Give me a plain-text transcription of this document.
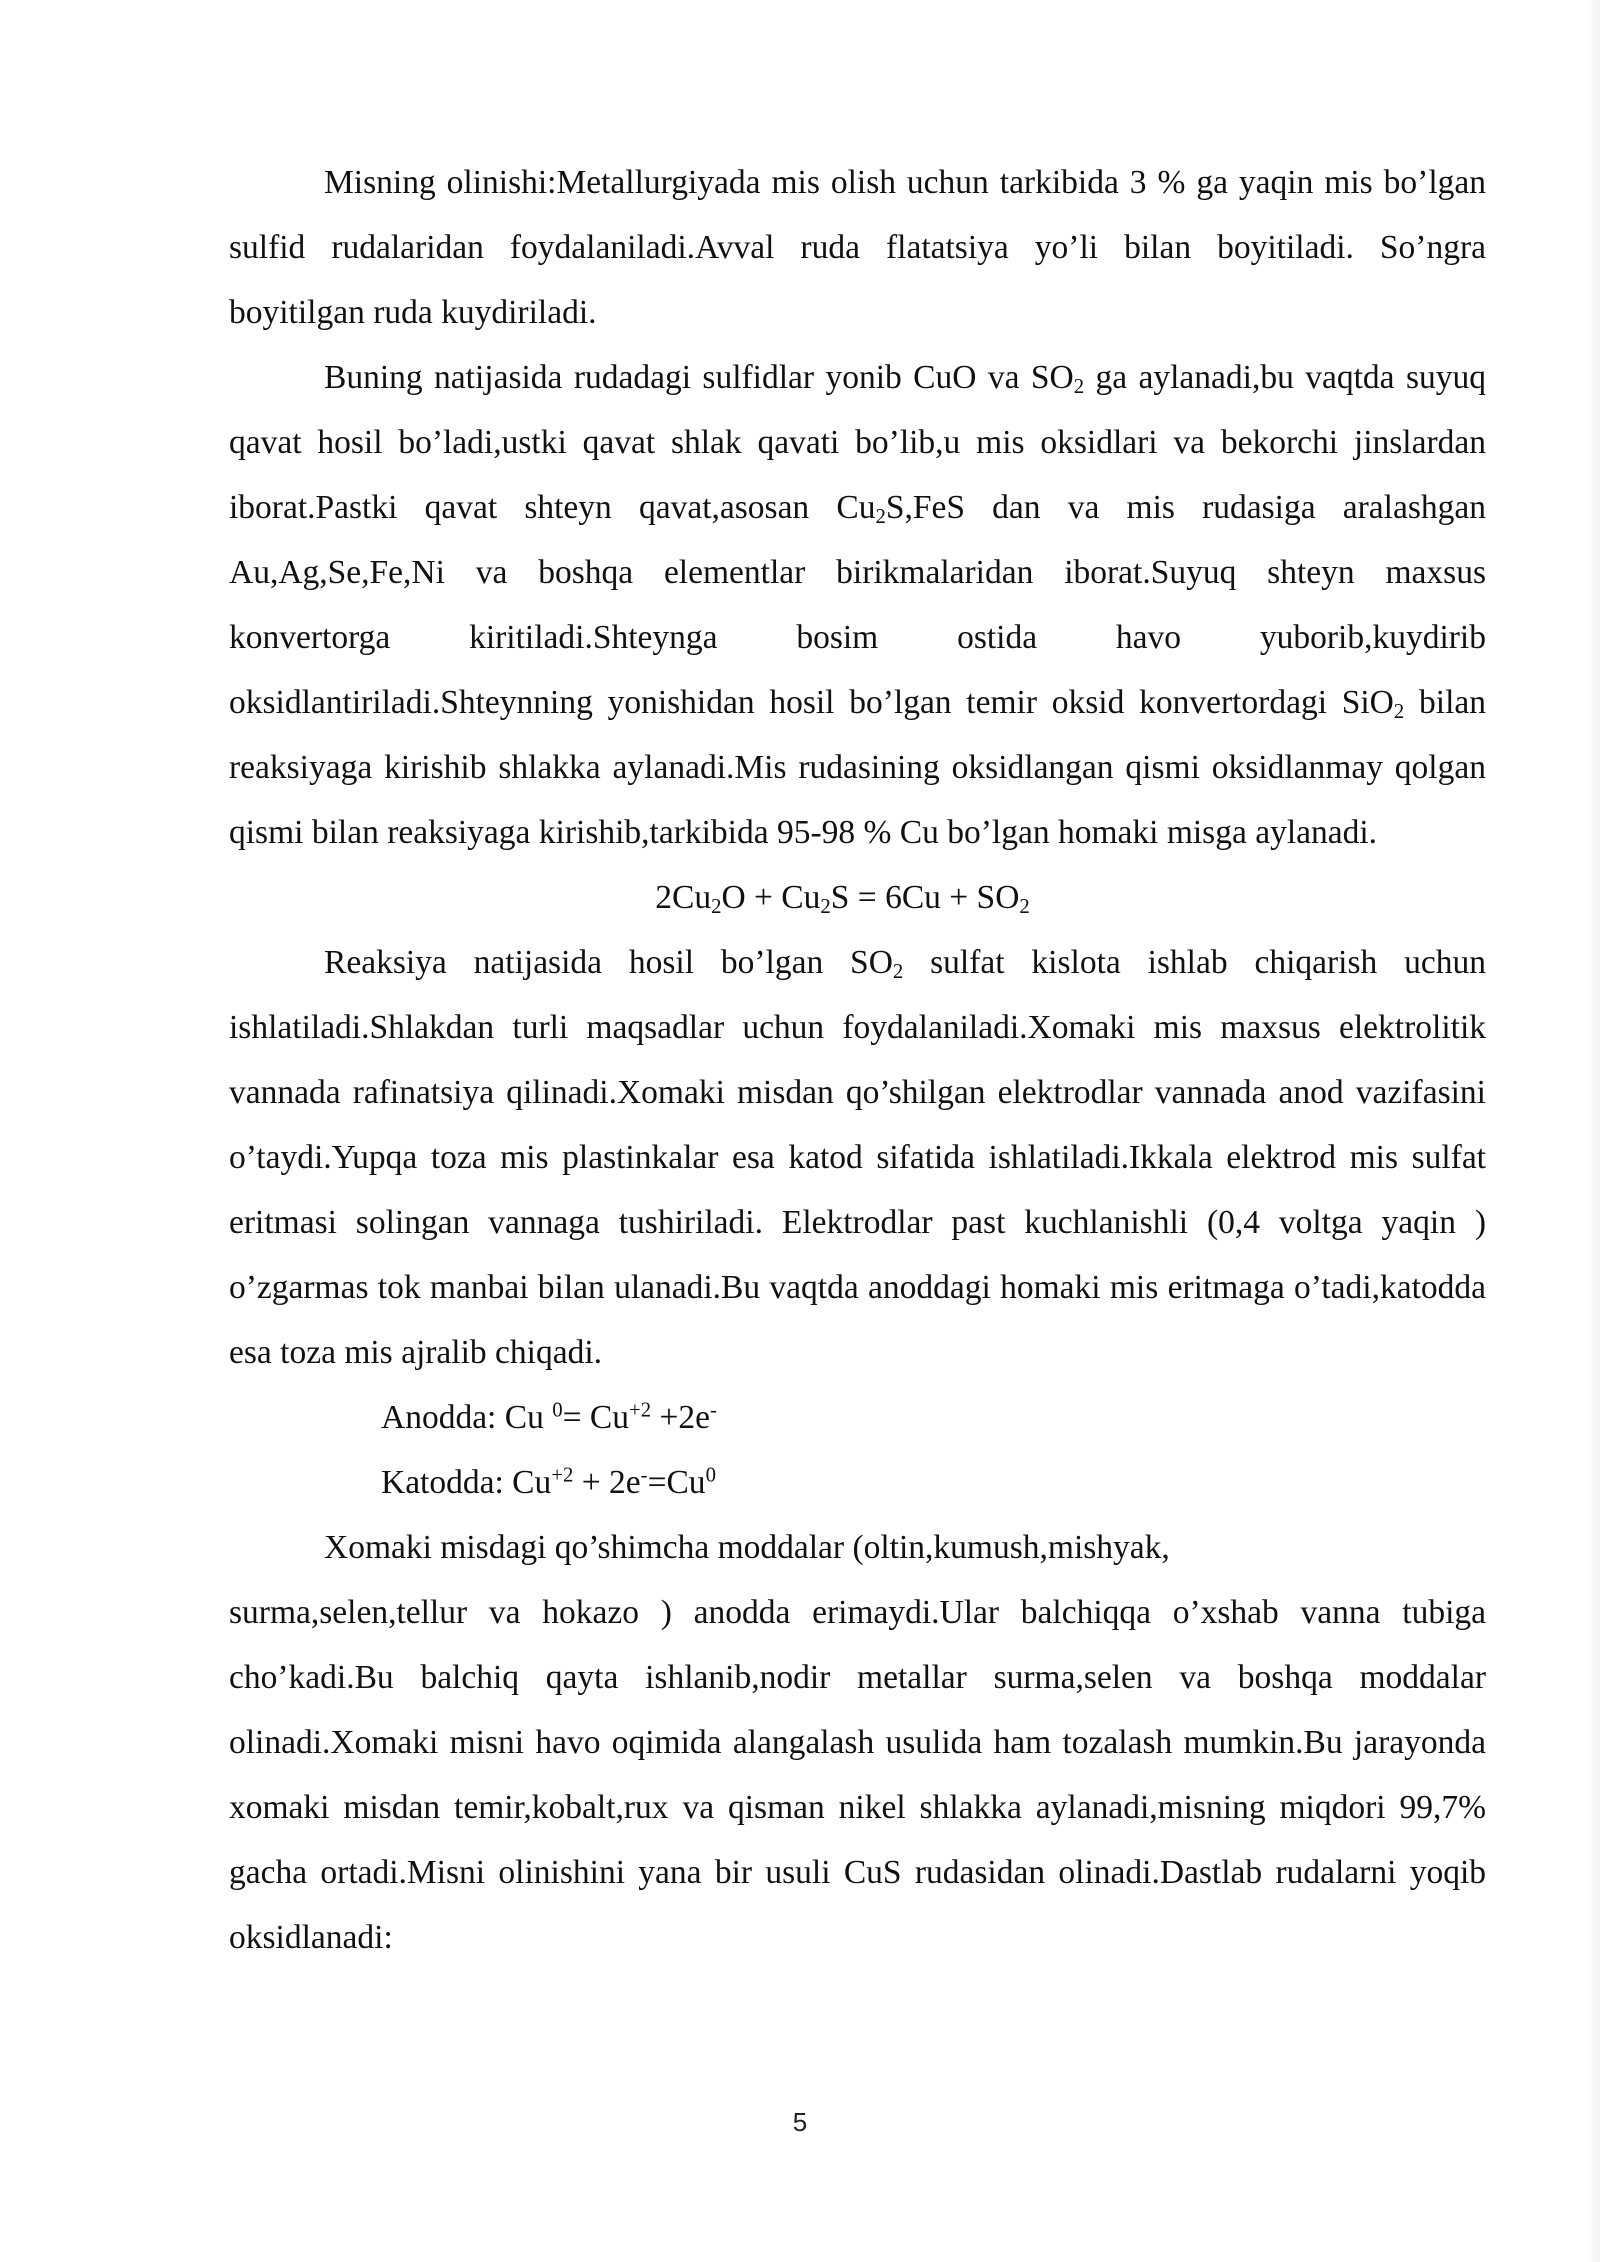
Misning olinishi:Metallurgiyada mis olish uchun tarkibida 3 % ga yaqin mis bo’lgan sulfid rudalaridan foydalaniladi.Avval ruda flatatsiya yo’li bilan boyitiladi. So’ngra boyitilgan ruda kuydiriladi.

Buning natijasida rudadagi sulfidlar yonib CuO va $SO_2$ ga aylanadi,bu vaqtda suyuq qavat hosil bo’ladi,ustki qavat shlak qavati bo’lib,u mis oksidlari va bekorchi jinslardan iborat.Pastki qavat shteyn qavat,asosan $Cu_2S,FeS$ dan va mis rudasiga aralashgan Au,Ag,Se,Fe,Ni va boshqa elementlar birikmalaridan iborat.Suyuq shteyn maxsus konvertorga kiritiladi.Shteynga bosim ostida havo yuborib,kuydirib oksidlantiriladi.Shteynning yonishidan hosil bo’lgan temir oksid konvertordagi SiO$_2$ bilan reaksiyaga kirishib shlakka aylanadi.Mis rudasining oksidlangan qismi oksidlanmay qolgan qismi bilan reaksiyaga kirishib,tarkibida 95-98 % Cu bo’lgan homaki misga aylanadi.

$2Cu_2O + Cu_2S = 6Cu + SO_2$

Reaksiya natijasida hosil bo’lgan $SO_2$ sulfat kislota ishlab chiqarish uchun ishlatiladi.Shlakdan turli maqsadlar uchun foydalaniladi.Xomaki mis maxsus elektrolitik vannada rafinatsiya qilinadi.Xomaki misdan qo’shilgan elektrodlar vannada anod vazifasini o’taydi.Yupqa toza mis plastinkalar esa katod sifatida ishlatiladi.Ikkala elektrod mis sulfat eritmasi solingan vannaga tushiriladi. Elektrodlar past kuchlanishli (0,4 voltga yaqin ) o’zgarmas tok manbai bilan ulanadi.Bu vaqtda anoddagi homaki mis eritmaga o’tadi,katodda esa toza mis ajralib chiqadi.

Anodda: Cu $^0= Cu^{+2} +2e^-$

Katodda: $Cu^{+2} + 2e^-=Cu^0$

Xomaki misdagi qo’shimcha moddalar (oltin,kumush,mishyak,

surma,selen,tellur va hokazo ) anodda erimaydi.Ular balchiqqa o’xshab vanna tubiga cho’kadi.Bu balchiq qayta ishlanib,nodir metallar surma,selen va boshqa moddalar olinadi.Xomaki misni havo oqimida alangalash usulida ham tozalash mumkin.Bu jarayonda xomaki misdan temir,kobalt,rux va qisman nikel shlakka aylanadi,misning miqdori 99,7% gacha ortadi.Misni olinishini yana bir usuli CuS rudasidan olinadi.Dastlab rudalarni yoqib oksidlanadi:

5
